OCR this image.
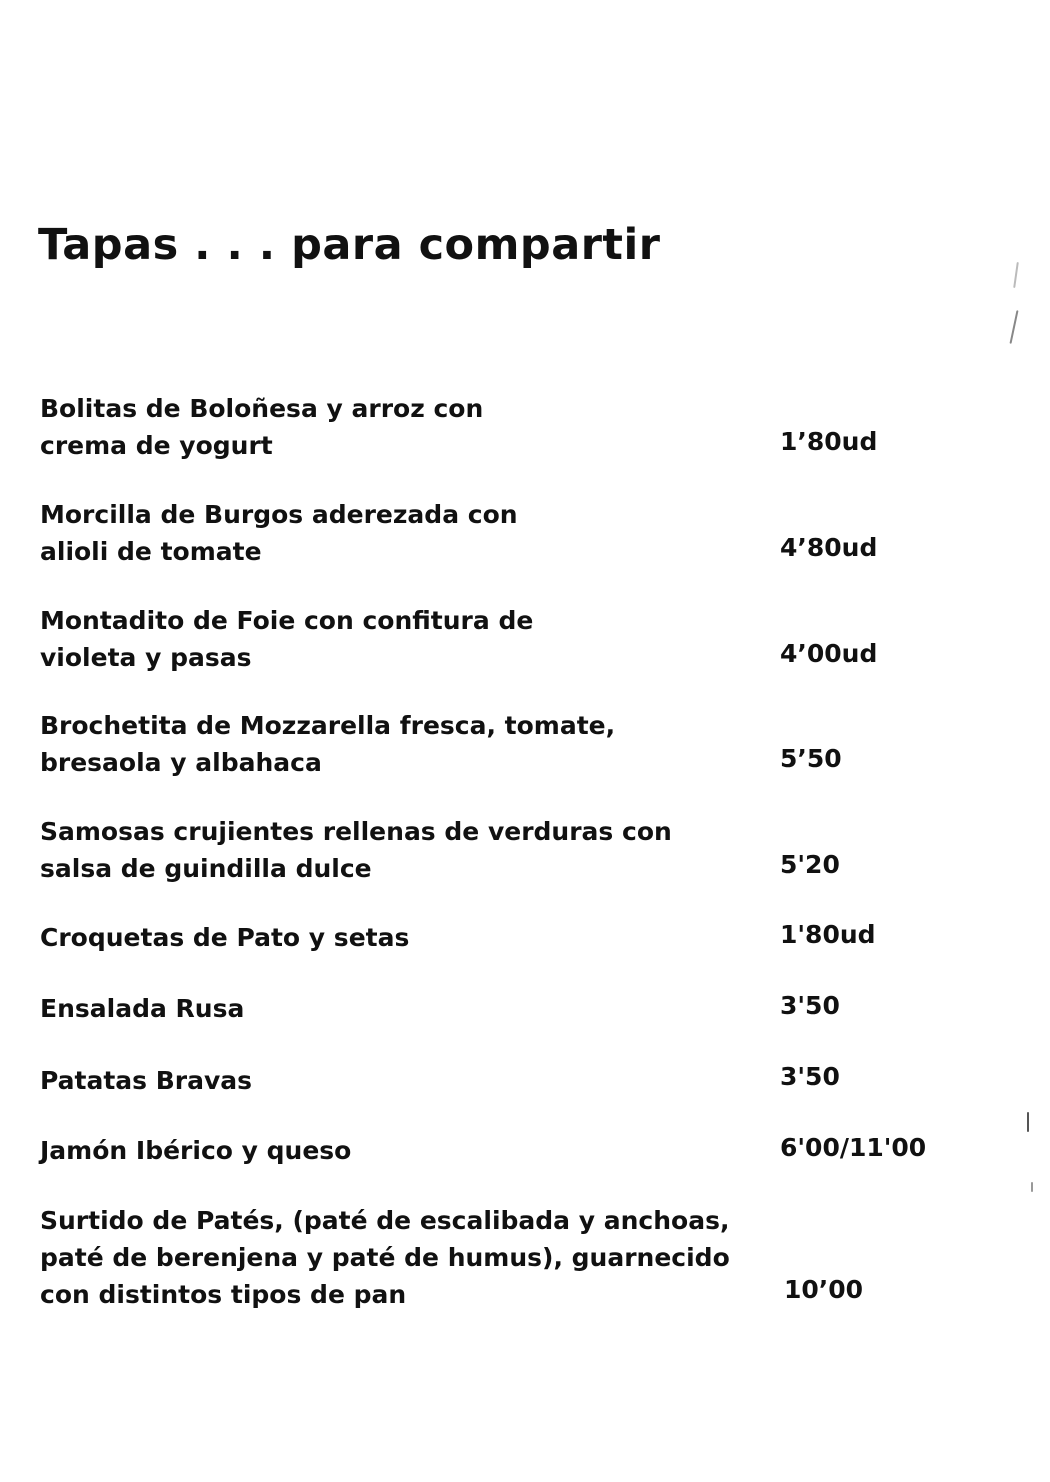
Tapas . . . para compartir
Bolitas de Boloñesa y arroz con
crema de yogurt	1’80ud
Morcilla de Burgos aderezada con
alioli de tomate	4’80ud
Montadito de Foie con confitura de
violeta y pasas	4’00ud
Brochetita de Mozzarella fresca, tomate,
bresaola y albahaca	5’50
Samosas crujientes rellenas de verduras con
salsa de guindilla dulce	5'20
Croquetas de Pato y setas	1'80ud
Ensalada Rusa	3'50
Patatas Bravas	3'50
Jamón Ibérico y queso	6'00/11'00
Surtido de Patés, (paté de escalibada y anchoas,
paté de berenjena y paté de humus), guarnecido
con distintos tipos de pan	10’00
